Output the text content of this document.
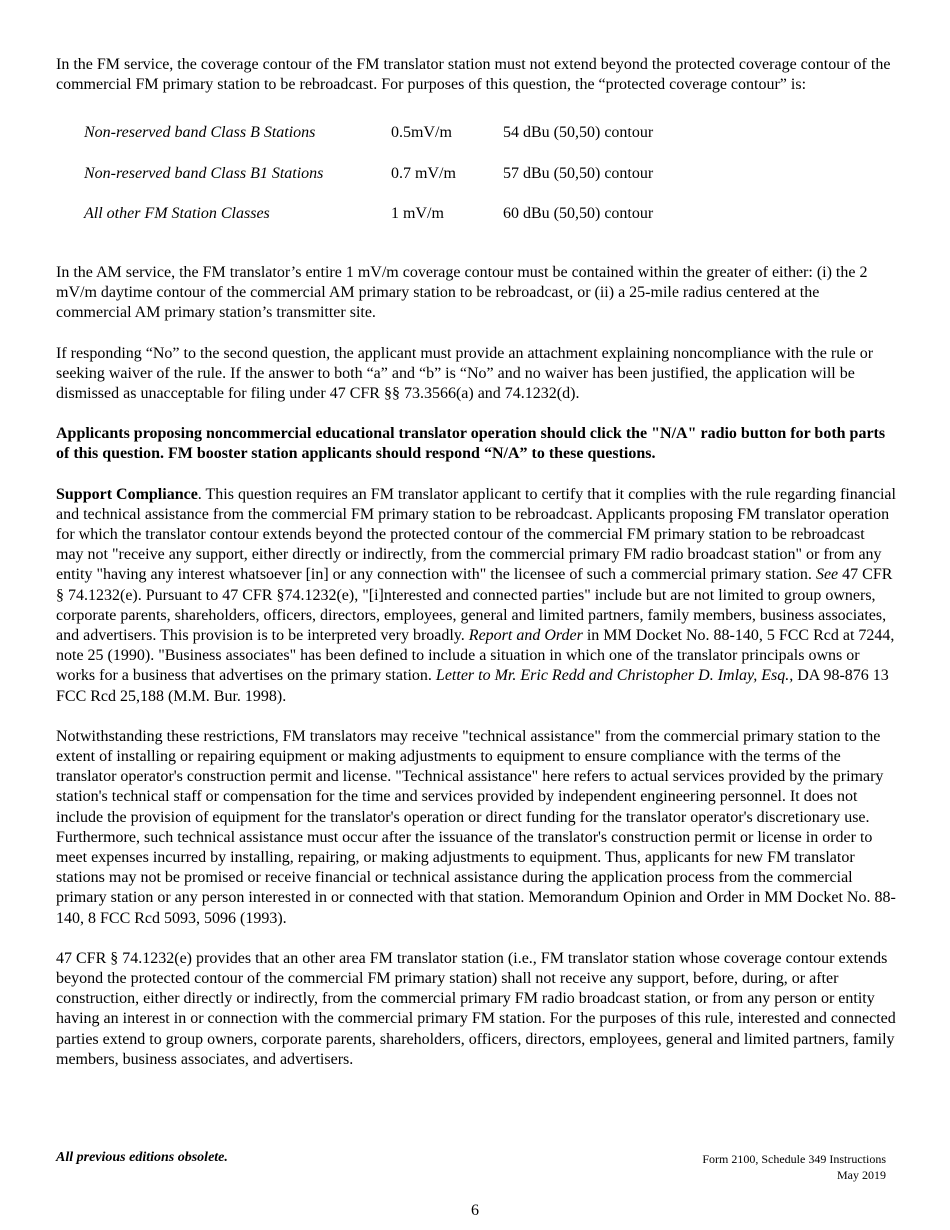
In the FM service, the coverage contour of the FM translator station must not extend beyond the protected coverage contour of the commercial FM primary station to be rebroadcast. For purposes of this question, the “protected coverage contour” is:

Non-reserved band Class B Stations	0.5mV/m	54 dBu (50,50) contour
Non-reserved band Class B1 Stations	0.7 mV/m	57 dBu (50,50) contour
All other FM Station Classes	1 mV/m	60 dBu (50,50) contour

In the AM service, the FM translator’s entire 1 mV/m coverage contour must be contained within the greater of either: (i) the 2 mV/m daytime contour of the commercial AM primary station to be rebroadcast, or (ii) a 25-mile radius centered at the commercial AM primary station’s transmitter site.

If responding “No” to the second question, the applicant must provide an attachment explaining noncompliance with the rule or seeking waiver of the rule. If the answer to both “a” and “b” is “No” and no waiver has been justified, the application will be dismissed as unacceptable for filing under 47 CFR §§ 73.3566(a) and 74.1232(d).

Applicants proposing noncommercial educational translator operation should click the "N/A" radio button for both parts of this question. FM booster station applicants should respond “N/A” to these questions.

Support Compliance. This question requires an FM translator applicant to certify that it complies with the rule regarding financial and technical assistance from the commercial FM primary station to be rebroadcast. Applicants proposing FM translator operation for which the translator contour extends beyond the protected contour of the commercial FM primary station to be rebroadcast may not "receive any support, either directly or indirectly, from the commercial primary FM radio broadcast station" or from any entity "having any interest whatsoever [in] or any connection with" the licensee of such a commercial primary station. See 47 CFR § 74.1232(e). Pursuant to 47 CFR §74.1232(e), "[i]nterested and connected parties" include but are not limited to group owners, corporate parents, shareholders, officers, directors, employees, general and limited partners, family members, business associates, and advertisers. This provision is to be interpreted very broadly. Report and Order in MM Docket No. 88-140, 5 FCC Rcd at 7244, note 25 (1990). "Business associates" has been defined to include a situation in which one of the translator principals owns or works for a business that advertises on the primary station. Letter to Mr. Eric Redd and Christopher D. Imlay, Esq., DA 98-876 13 FCC Rcd 25,188 (M.M. Bur. 1998).

Notwithstanding these restrictions, FM translators may receive "technical assistance" from the commercial primary station to the extent of installing or repairing equipment or making adjustments to equipment to ensure compliance with the terms of the translator operator's construction permit and license. "Technical assistance" here refers to actual services provided by the primary station's technical staff or compensation for the time and services provided by independent engineering personnel. It does not include the provision of equipment for the translator's operation or direct funding for the translator operator's discretionary use. Furthermore, such technical assistance must occur after the issuance of the translator's construction permit or license in order to meet expenses incurred by installing, repairing, or making adjustments to equipment. Thus, applicants for new FM translator stations may not be promised or receive financial or technical assistance during the application process from the commercial primary station or any person interested in or connected with that station. Memorandum Opinion and Order in MM Docket No. 88-140, 8 FCC Rcd 5093, 5096 (1993).

47 CFR § 74.1232(e) provides that an other area FM translator station (i.e., FM translator station whose coverage contour extends beyond the protected contour of the commercial FM primary station) shall not receive any support, before, during, or after construction, either directly or indirectly, from the commercial primary FM radio broadcast station, or from any person or entity having an interest in or connection with the commercial primary FM station. For the purposes of this rule, interested and connected parties extend to group owners, corporate parents, shareholders, officers, directors, employees, general and limited partners, family members, business associates, and advertisers.

All previous editions obsolete.	Form 2100, Schedule 349 Instructions
May 2019
6
